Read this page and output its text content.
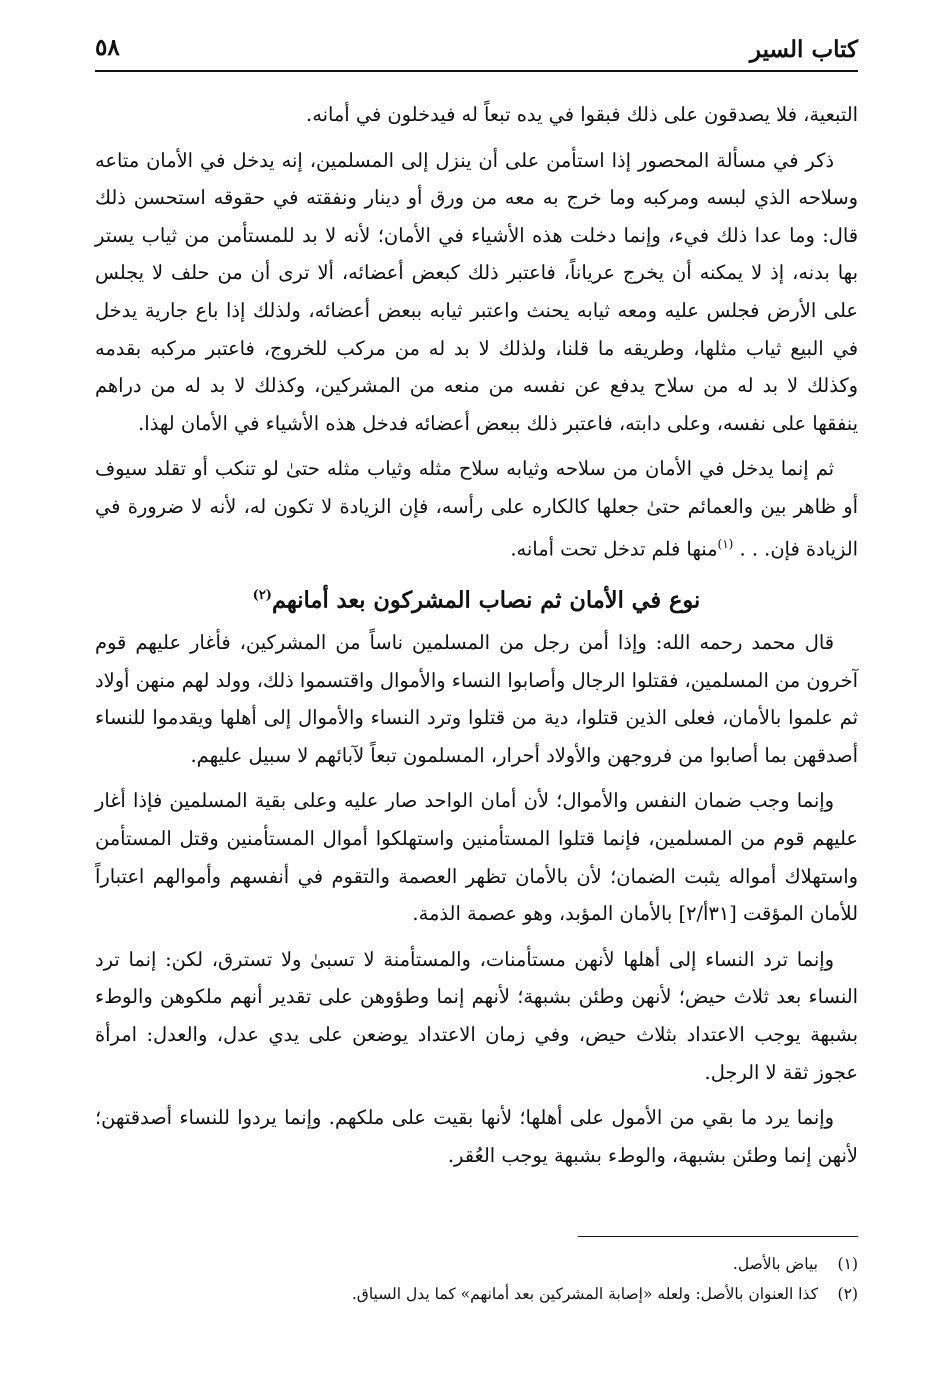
كتاب السير
٥٨

التبعية، فلا يصدقون على ذلك فبقوا في يده تبعاً له فيدخلون في أمانه.

ذكر في مسألة المحصور إذا استأمن على أن ينزل إلى المسلمين، إنه يدخل في الأمان متاعه وسلاحه الذي لبسه ومركبه وما خرج به معه من ورق أو دينار ونفقته في حقوقه استحسن ذلك قال: وما عدا ذلك فيء، وإنما دخلت هذه الأشياء في الأمان؛ لأنه لا بد للمستأمن من ثياب يستر بها بدنه، إذ لا يمكنه أن يخرج عرياناً، فاعتبر ذلك كبعض أعضائه، ألا ترى أن من حلف لا يجلس على الأرض فجلس عليه ومعه ثيابه يحنث واعتبر ثيابه ببعض أعضائه، ولذلك إذا باع جارية يدخل في البيع ثياب مثلها، وطريقه ما قلنا، ولذلك لا بد له من مركب للخروج، فاعتبر مركبه بقدمه وكذلك لا بد له من سلاح يدفع عن نفسه من منعه من المشركين، وكذلك لا بد له من دراهم ينفقها على نفسه، وعلى دابته، فاعتبر ذلك ببعض أعضائه فدخل هذه الأشياء في الأمان لهذا.

ثم إنما يدخل في الأمان من سلاحه وثيابه سلاح مثله وثياب مثله حتىٰ لو تنكب أو تقلد سيوف أو ظاهر بين والعمائم حتىٰ جعلها كالكاره على رأسه، فإن الزيادة لا تكون له، لأنه لا ضرورة في الزيادة فإن. . . $^{(١)}$منها فلم تدخل تحت أمانه.

نوع في الأمان ثم نصاب المشركون بعد أمانهم$^{(٢)}$

قال محمد رحمه الله: وإذا أمن رجل من المسلمين ناساً من المشركين، فأغار عليهم قوم آخرون من المسلمين، فقتلوا الرجال وأصابوا النساء والأموال واقتسموا ذلك، وولد لهم منهن أولاد ثم علموا بالأمان، فعلى الذين قتلوا، دية من قتلوا وترد النساء والأموال إلى أهلها ويقدموا للنساء أصدقهن بما أصابوا من فروجهن والأولاد أحرار، المسلمون تبعاً لآبائهم لا سبيل عليهم.

وإنما وجب ضمان النفس والأموال؛ لأن أمان الواحد صار عليه وعلى بقية المسلمين فإذا أغار عليهم قوم من المسلمين، فإنما قتلوا المستأمنين واستهلكوا أموال المستأمنين وقتل المستأمن واستهلاك أمواله يثبت الضمان؛ لأن بالأمان تظهر العصمة والتقوم في أنفسهم وأموالهم اعتباراً للأمان المؤقت [٣١أ/٢] بالأمان المؤبد، وهو عصمة الذمة.

وإنما ترد النساء إلى أهلها لأنهن مستأمنات، والمستأمنة لا تسبىٰ ولا تسترق، لكن: إنما ترد النساء بعد ثلاث حيض؛ لأنهن وطئن بشبهة؛ لأنهم إنما وطؤوهن على تقدير أنهم ملكوهن والوطء بشبهة يوجب الاعتداد بثلاث حيض، وفي زمان الاعتداد يوضعن على يدي عدل، والعدل: امرأة عجوز ثقة لا الرجل.

وإنما يرد ما بقي من الأمول على أهلها؛ لأنها بقيت على ملكهم. وإنما يردوا للنساء أصدقتهن؛ لأنهن إنما وطئن بشبهة، والوطء بشبهة يوجب العُقر.

(١)بياض بالأصل.
(٢)كذا العنوان بالأصل: ولعله «إصابة المشركين بعد أمانهم» كما يدل السياق.
